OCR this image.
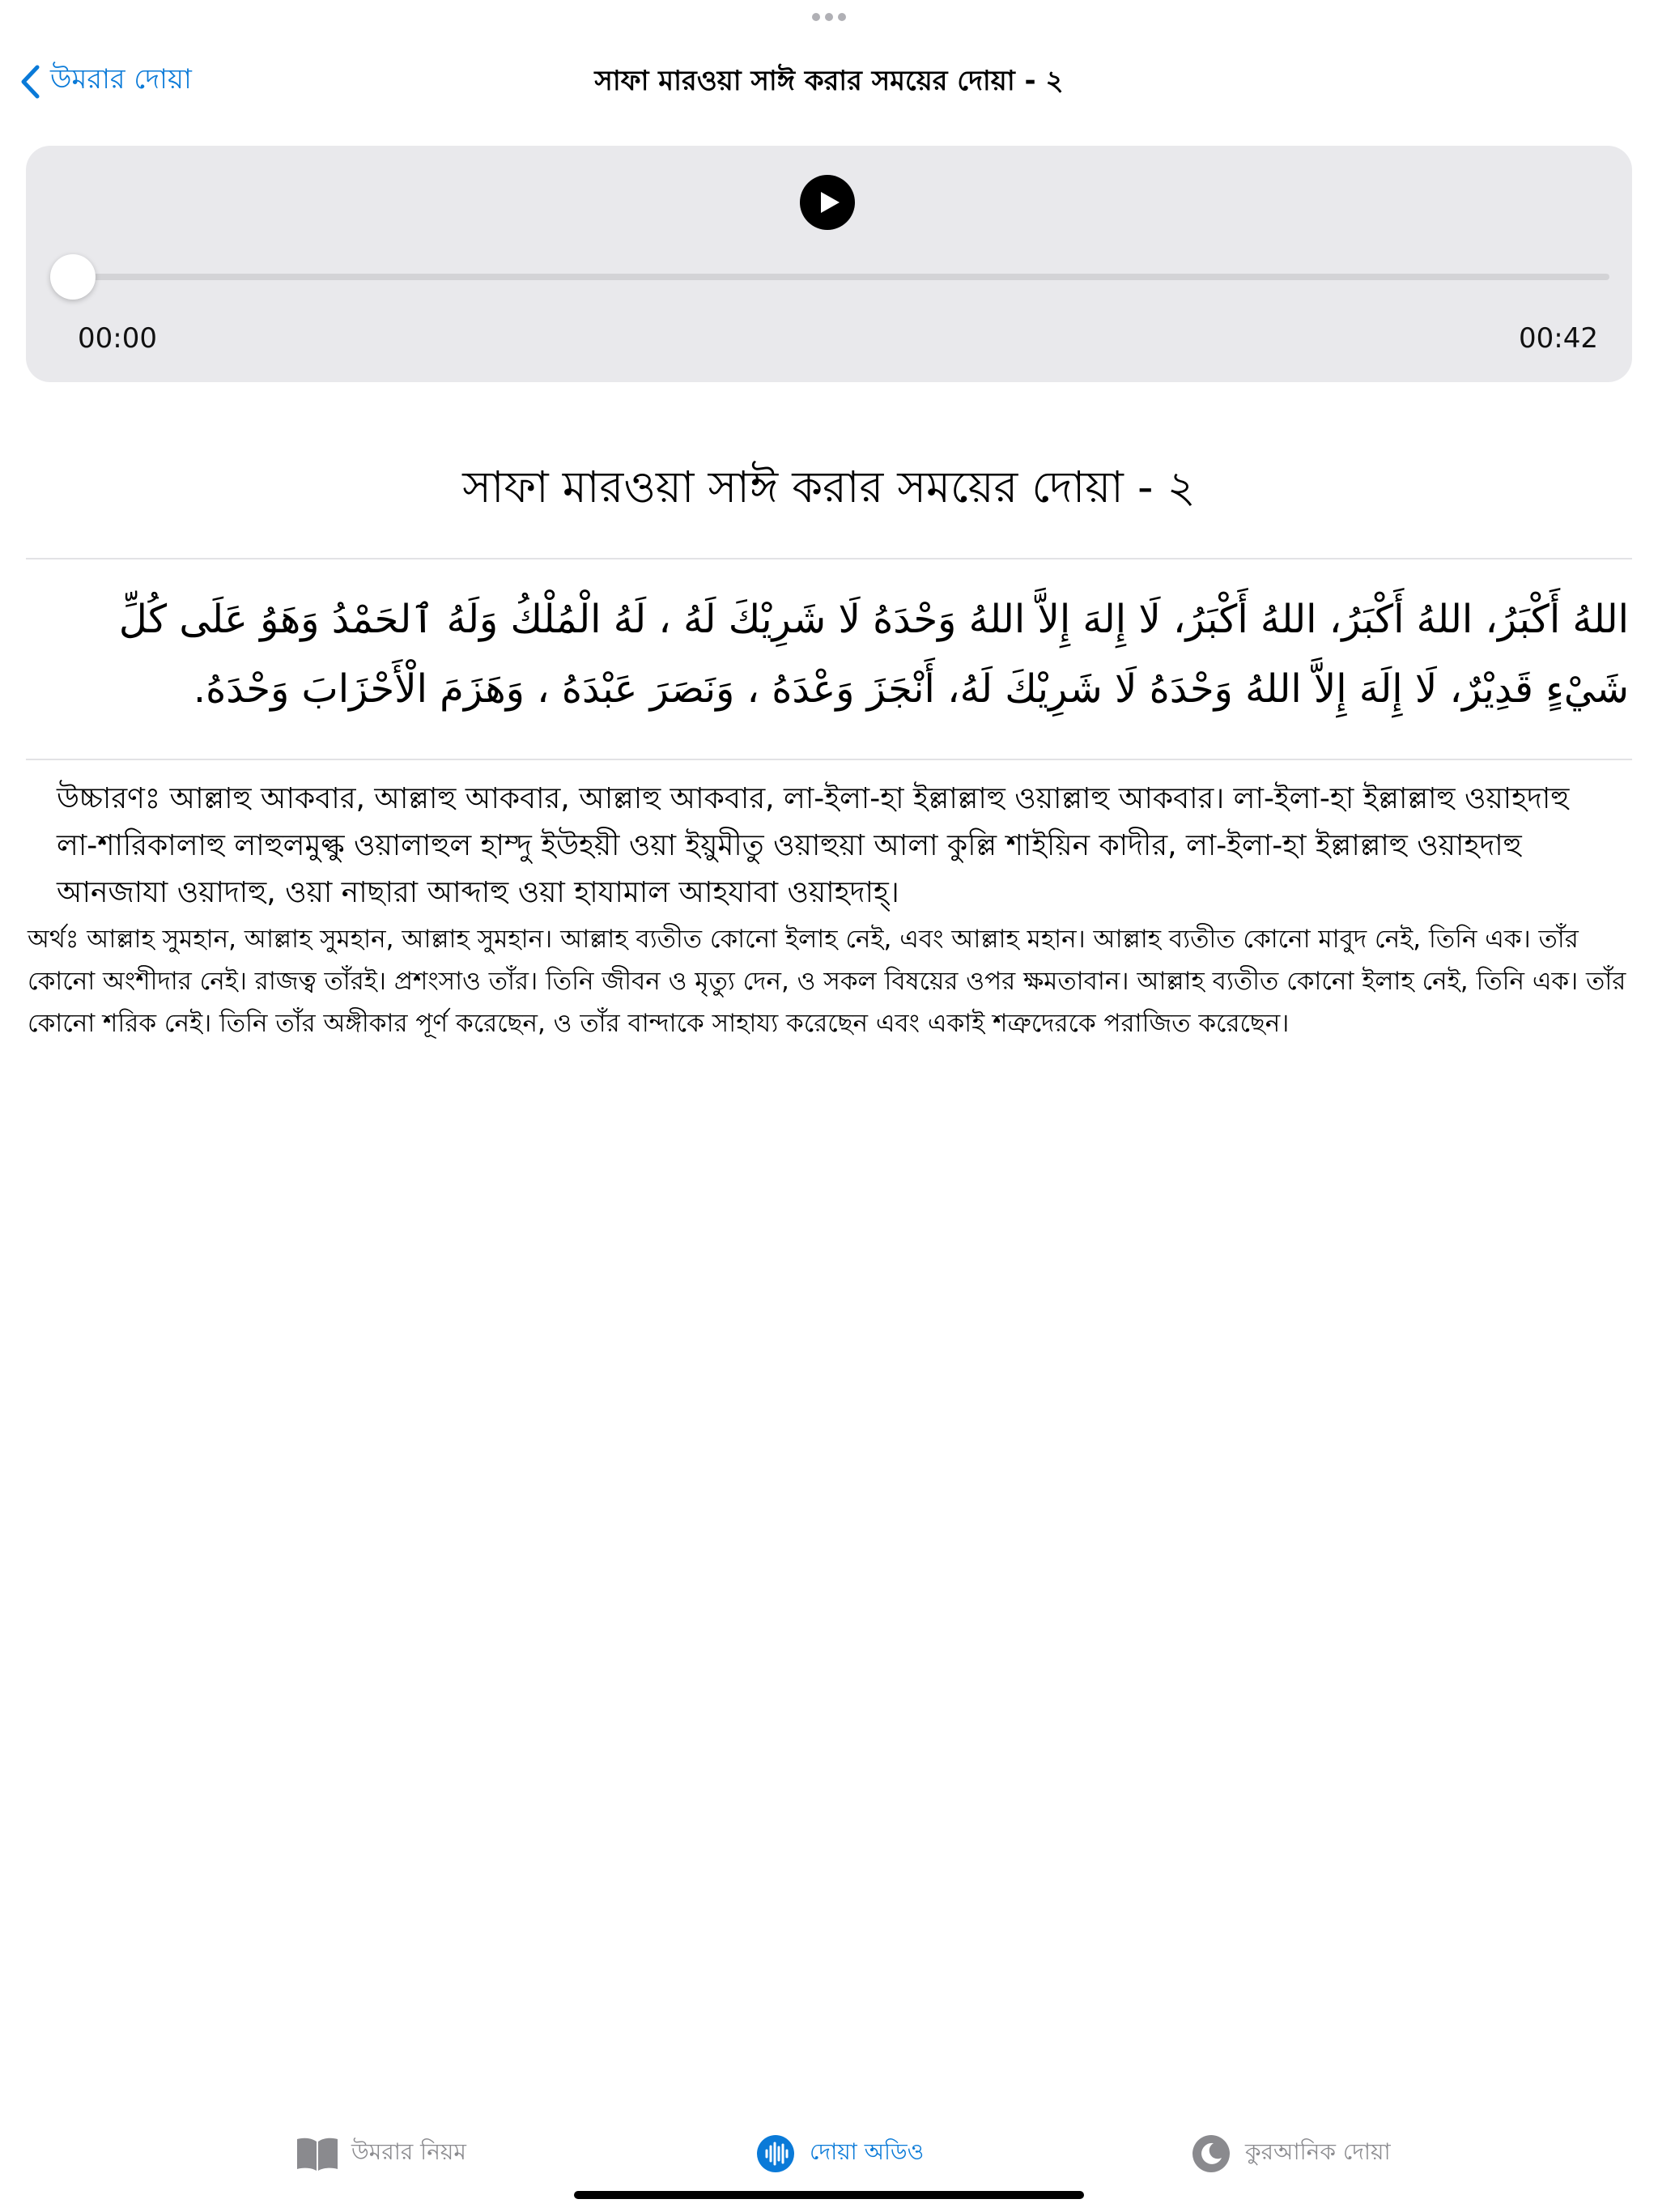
উমরার দোয়া	সাফা মারওয়া সাঈ করার সময়ের দোয়া - ২
00:00	00:42
সাফা মারওয়া সাঈ করার সময়ের দোয়া - ২
اللهُ أَكْبَرُ، اللهُ أَكْبَرُ، اللهُ أَكْبَرُ، لَا إِلهَ إِلاَّ اللهُ وَحْدَهُ لَا شَرِيْكَ لَهُ ، لَهُ الْمُلْكُ وَلَهُ ٱلحَمْدُ وَهَوُ عَلَى كُلِّ شَيْءٍ قَدِيْرٌ، لَا إِلَهَ إِلاَّ اللهُ وَحْدَهُ لَا شَرِيْكَ لَهُ، أَنْجَزَ وَعْدَهُ ، وَنَصَرَ عَبْدَهُ ، وَهَزَمَ الْأَحْزَابَ وَحْدَهُ.
উচ্চারণঃ আল্লাহু আকবার, আল্লাহু আকবার, আল্লাহু আকবার, লা-ইলা-হা ইল্লাল্লাহু ওয়াল্লাহু আকবার। লা-ইলা-হা ইল্লাল্লাহু ওয়াহদাহু লা-শারিকালাহু লাহুলমুল্কু ওয়ালাহুল হাম্দু ইউহয়ী ওয়া ইয়ুমীতু ওয়াহুয়া আলা কুল্লি শাইয়িন কাদীর, লা-ইলা-হা ইল্লাল্লাহু ওয়াহদাহু আনজাযা ওয়াদাহু, ওয়া নাছারা আব্দাহু ওয়া হাযামাল আহযাবা ওয়াহদাহ্।
অর্থঃ আল্লাহ সুমহান, আল্লাহ সুমহান, আল্লাহ সুমহান। আল্লাহ ব্যতীত কোনো ইলাহ নেই, এবং আল্লাহ মহান। আল্লাহ ব্যতীত কোনো মাবুদ নেই, তিনি এক। তাঁর কোনো অংশীদার নেই। রাজত্ব তাঁরই। প্রশংসাও তাঁর। তিনি জীবন ও মৃত্যু দেন, ও সকল বিষয়ের ওপর ক্ষমতাবান। আল্লাহ ব্যতীত কোনো ইলাহ নেই, তিনি এক। তাঁর কোনো শরিক নেই। তিনি তাঁর অঙ্গীকার পূর্ণ করেছেন, ও তাঁর বান্দাকে সাহায্য করেছেন এবং একাই শত্রুদেরকে পরাজিত করেছেন।
উমরার নিয়ম	দোয়া অডিও	কুরআনিক দোয়া
